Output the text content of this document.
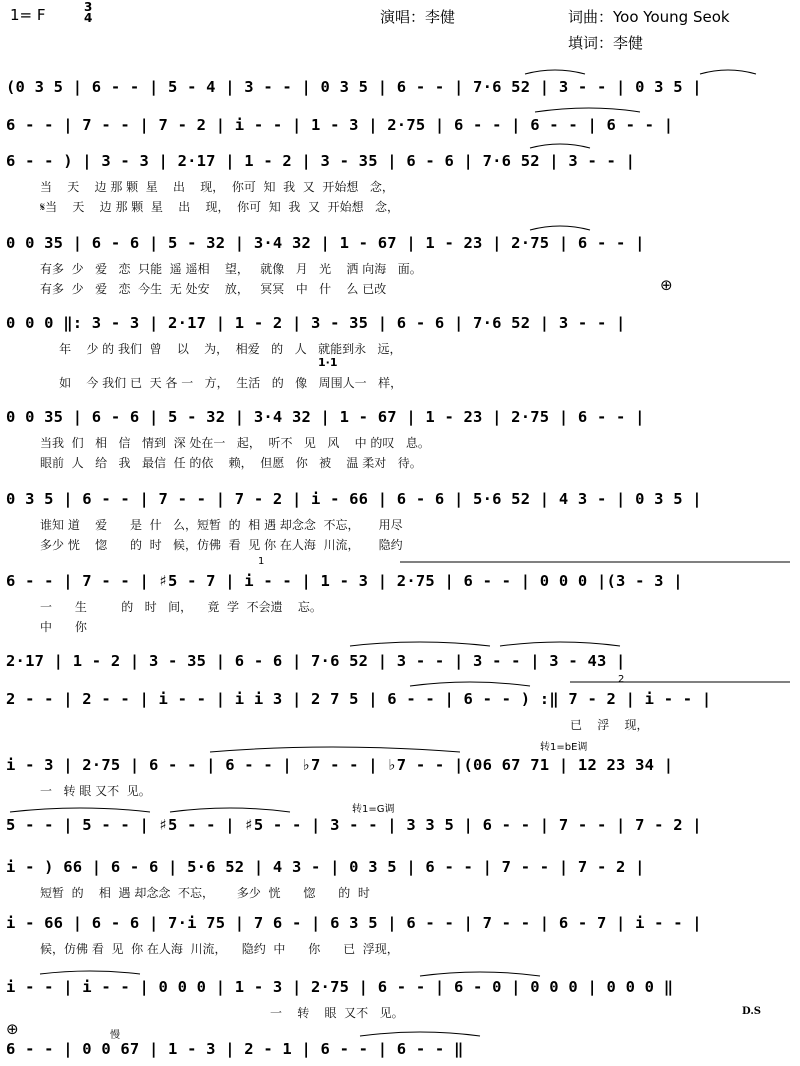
1= F	3
4	演唱：李健	词曲：Yoo Young Seok
填词：李健
(0 3 5 | 6 - - | 5 - 4 | 3 - - | 0 3 5 | 6 - - | 7·6 52 | 3 - - | 0 3 5 |
6 - - | 7 - - | 7 - 2 | i - - | 1 - 3 | 2·75 | 6 - - | 6 - - | 6 - - |
6 - - ) | 3 - 3 | 2·17 | 1 - 2 | 3 - 35 | 6 - 6 | 7·6 52 | 3 - - |
当    天    边 那 颗  星    出    现，  你可  知  我  又  开始想   念，
𝄋当    天    边 那 颗  星    出    现，  你可  知  我  又  开始想   念，
0 0 35 | 6 - 6 | 5 - 32 | 3·4 32 | 1 - 67 | 1 - 23 | 2·75 | 6 - - |
有多  少   爱   恋  只能  遥 遥相    望，   就像   月   光    洒 向海   面。
有多  少   爱   恋  今生  无 处安    放，   冥冥   中   什    么 已改	⊕
0 0 0 ‖: 3 - 3 | 2·17 | 1 - 2 | 3 - 35 | 6 - 6 | 7·6 52 | 3 - - |
年    少 的 我们  曾    以    为，  相爱   的   人   就能到永   远，
1·1
如    今 我们 已  天 各 一   方，  生活   的   像   周围人一   样，
0 0 35 | 6 - 6 | 5 - 32 | 3·4 32 | 1 - 67 | 1 - 23 | 2·75 | 6 - - |
当我  们   相   信   情到  深 处在一   起，  听不   见   风    中 的叹   息。
眼前  人   给   我   最信  任 的依    赖，  但愿   你   被    温 柔对   待。
0 3 5 | 6 - - | 7 - - | 7 - 2 | i - 66 | 6 - 6 | 5·6 52 | 4 3 - | 0 3 5 |
谁知 道    爱      是  什   么，短暂  的  相 遇 却念念  不忘，     用尽
多少 恍    惚      的  时   候，仿佛  看  见 你 在人海  川流，     隐约
1
6 - - | 7 - - | ♯5 - 7 | i - - | 1 - 3 | 2·75 | 6 - - | 0 0 0 |(3 - 3 |
一      生         的   时   间，    竟  学  不会遗    忘。
中      你
2·17 | 1 - 2 | 3 - 35 | 6 - 6 | 7·6 52 | 3 - - | 3 - - | 3 - 43 |
2
2 - - | 2 - - | i - - | i i 3 | 2 7 5 | 6 - - | 6 - - ) :‖ 7 - 2 | i - - |
已    浮    现，
转1=bE调
i - 3 | 2·75 | 6 - - | 6 - - | ♭7 - - | ♭7 - - |(06 67 71 | 12 23 34 |
一   转 眼 又不  见。
转1=G调
5 - - | 5 - - | ♯5 - - | ♯5 - - | 3 - - | 3 3 5 | 6 - - | 7 - - | 7 - 2 |
i - ) 66 | 6 - 6 | 5·6 52 | 4 3 - | 0 3 5 | 6 - - | 7 - - | 7 - 2 |
短暂  的    相  遇 却念念  不忘，      多少  恍      惚      的  时
i - 66 | 6 - 6 | 7·i 75 | 7 6 - | 6 3 5 | 6 - - | 7 - - | 6 - 7 | i - - |
候，仿佛 看  见  你 在人海  川流，    隐约  中      你      已  浮现，
i - - | i - - | 0 0 0 | 1 - 3 | 2·75 | 6 - - | 6 - 0 | 0 0 0 | 0 0 0 ‖
一    转    眼  又不   见。	D.S
⊕	慢
6 - - | 0 0 67 | 1 - 3 | 2 - 1 | 6 - - | 6 - - ‖
